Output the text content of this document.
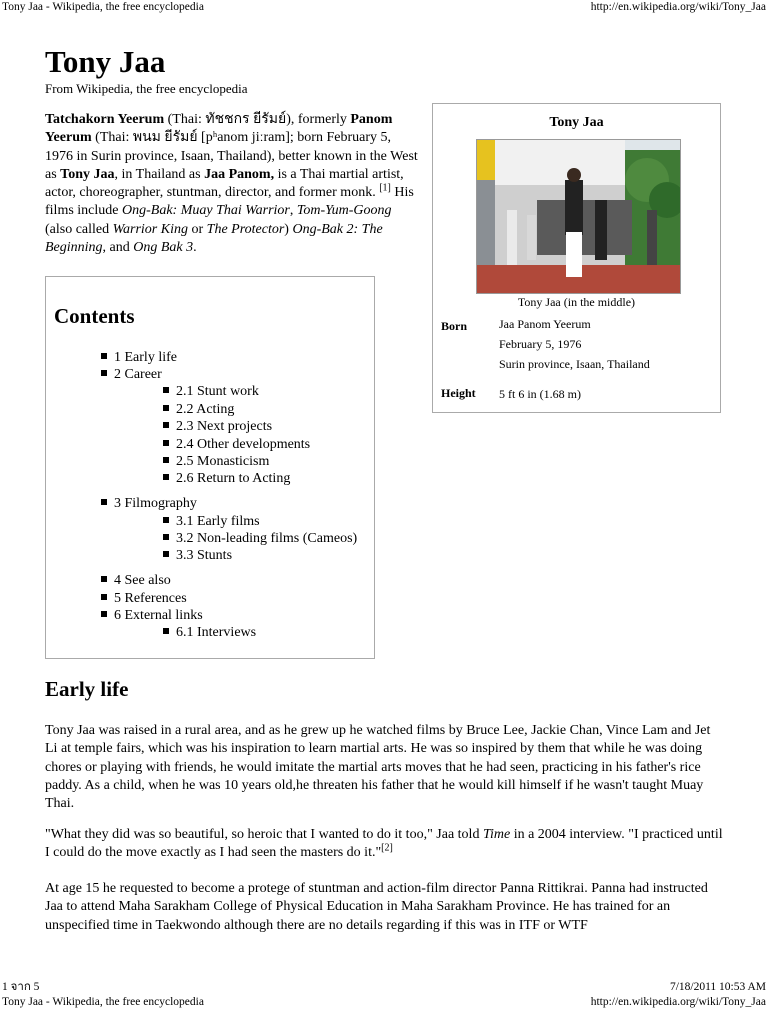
Tony Jaa - Wikipedia, the free encyclopedia	http://en.wikipedia.org/wiki/Tony_Jaa
Tony Jaa
From Wikipedia, the free encyclopedia
Tatchakorn Yeerum (Thai: ทัชชกร ยีรัมย์), formerly Panom Yeerum (Thai: พนม ยีรัมย์ [pʰanom jiːram]; born February 5, 1976 in Surin province, Isaan, Thailand), better known in the West as Tony Jaa, in Thailand as Jaa Panom, is a Thai martial artist, actor, choreographer, stuntman, director, and former monk. [1] His films include Ong-Bak: Muay Thai Warrior, Tom-Yum-Goong (also called Warrior King or The Protector) Ong-Bak 2: The Beginning, and Ong Bak 3.
Tony Jaa
Tony Jaa (in the middle)
Born	Jaa Panom Yeerum
February 5, 1976
Surin province, Isaan, Thailand
Height	5 ft 6 in (1.68 m)
Contents
1 Early life
2 Career
2.1 Stunt work
2.2 Acting
2.3 Next projects
2.4 Other developments
2.5 Monasticism
2.6 Return to Acting
3 Filmography
3.1 Early films
3.2 Non-leading films (Cameos)
3.3 Stunts
4 See also
5 References
6 External links
6.1 Interviews
Early life
Tony Jaa was raised in a rural area, and as he grew up he watched films by Bruce Lee, Jackie Chan, Vince Lam and Jet Li at temple fairs, which was his inspiration to learn martial arts. He was so inspired by them that while he was doing chores or playing with friends, he would imitate the martial arts moves that he had seen, practicing in his father's rice paddy. As a child, when he was 10 years old,he threaten his father that he would kill himself if he wasn't taught Muay Thai.
"What they did was so beautiful, so heroic that I wanted to do it too," Jaa told Time in a 2004 interview. "I practiced until I could do the move exactly as I had seen the masters do it."[2]
At age 15 he requested to become a protege of stuntman and action-film director Panna Rittikrai. Panna had instructed Jaa to attend Maha Sarakham College of Physical Education in Maha Sarakham Province. He has trained for an unspecified time in Taekwondo although there are no details regarding if this was in ITF or WTF
1 จาก 5	7/18/2011 10:53 AM
Tony Jaa - Wikipedia, the free encyclopedia	http://en.wikipedia.org/wiki/Tony_Jaa
